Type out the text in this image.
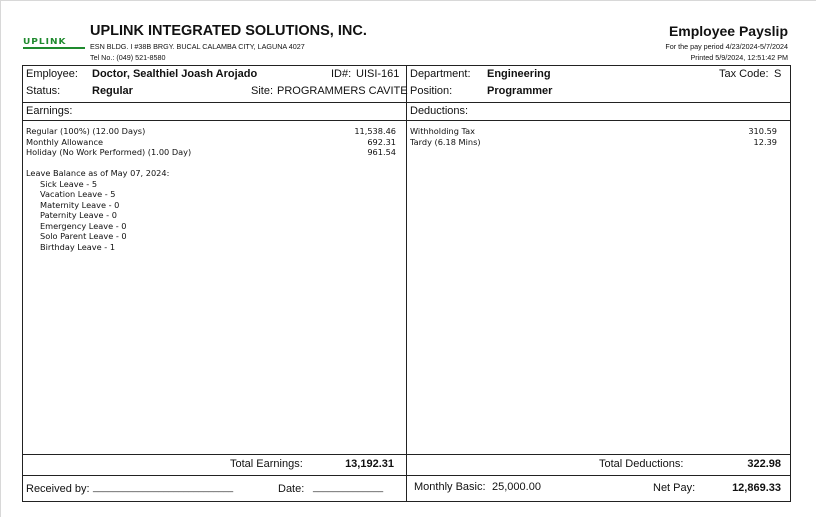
UPLINK
UPLINK INTEGRATED SOLUTIONS, INC.
ESN BLDG. I #38B BRGY. BUCAL CALAMBA CITY, LAGUNA 4027
Tel No.: (049) 521-8580
Employee Payslip
For the pay period 4/23/2024-5/7/2024
Printed 5/9/2024, 12:51:42 PM
Employee: Doctor, Sealthiel Joash Arojado	ID#: UISI-161 Department: Engineering	Tax Code: S
Status:	Regular	Site: PROGRAMMERS CAVITE Position:	Programmer
Earnings:	Deductions:
Regular (100%) (12.00 Days)	11,538.46
Monthly Allowance	692.31
Holiday (No Work Performed) (1.00 Day)	961.54
Leave Balance as of May 07, 2024:
Sick Leave - 5
Vacation Leave - 5
Maternity Leave - 0
Paternity Leave - 0
Emergency Leave - 0
Solo Parent Leave - 0
Birthday Leave - 1
Withholding Tax	310.59
Tardy (6.18 Mins)	12.39
Total Earnings:	13,192.31	Total Deductions:	322.98
Received by: ____________________________	Date: ______________	Monthly Basic: 25,000.00	Net Pay:	12,869.33
